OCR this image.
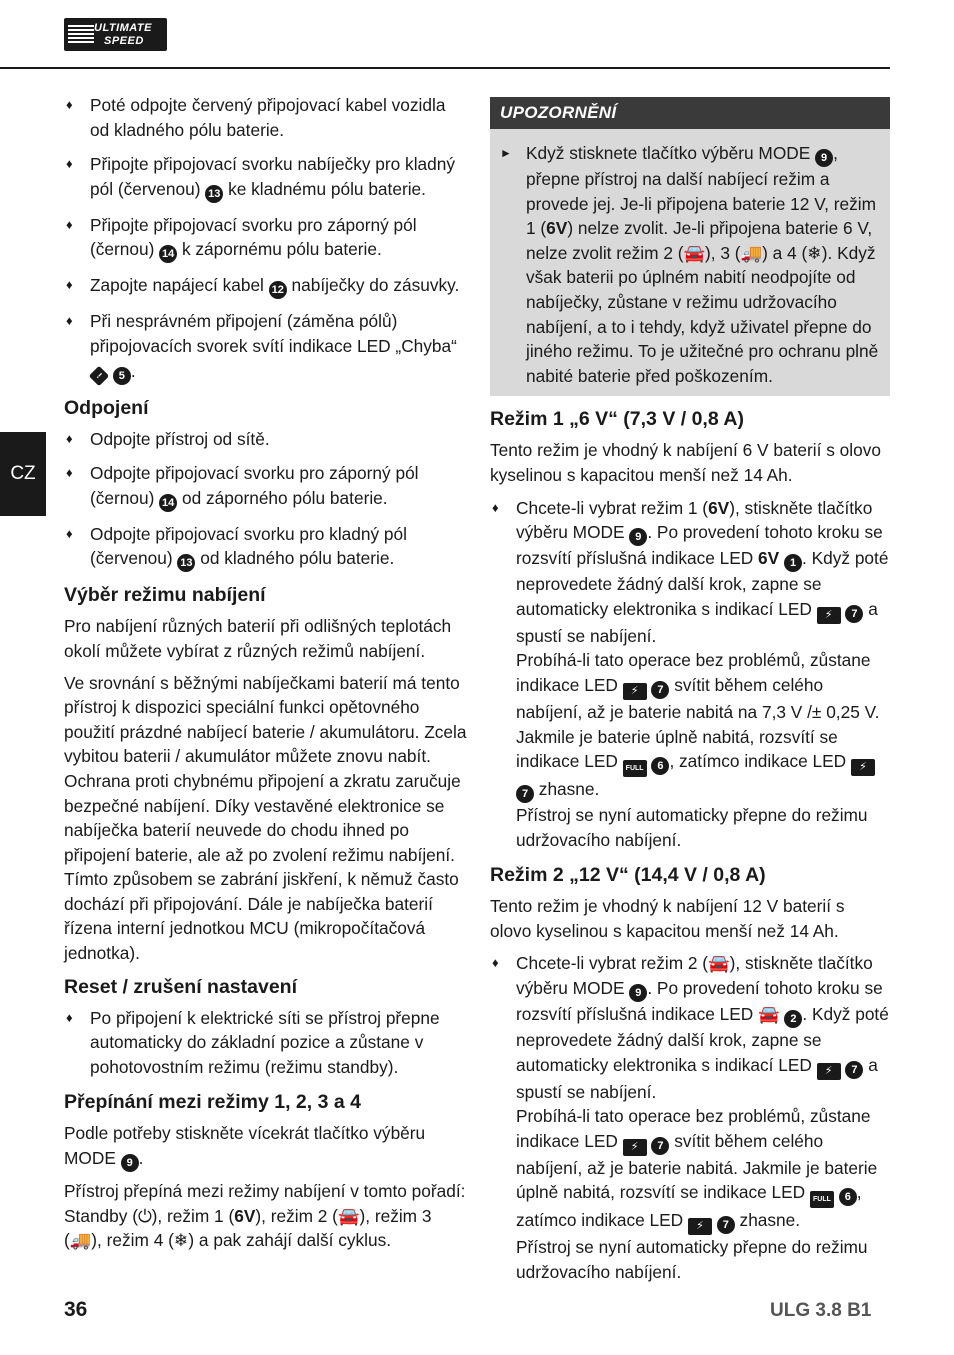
ULTIMATE
SPEED
CZ
♦ Poté odpojte červený připojovací kabel vozidla od kladného pólu baterie.
♦ Připojte připojovací svorku nabíječky pro kladný pól (červenou) 13 ke kladnému pólu baterie.
♦ Připojte připojovací svorku pro záporný pól (černou) 14 k zápornému pólu baterie.
♦ Zapojte napájecí kabel 12 nabíječky do zásuvky.
♦ Při nesprávném připojení (záměna pólů) připojovacích svorek svítí indikace LED „Chyba“ ! 5 .
Odpojení
♦ Odpojte přístroj od sítě.
♦ Odpojte připojovací svorku pro záporný pól (černou) 14 od záporného pólu baterie.
♦ Odpojte připojovací svorku pro kladný pól (červenou) 13 od kladného pólu baterie.
Výběr režimu nabíjení

Pro nabíjení různých baterií při odlišných teplotách okolí můžete vybírat z různých režimů nabíjení.

Ve srovnání s běžnými nabíječkami baterií má tento přístroj k dispozici speciální funkci opětovného použití prázdné nabíjecí baterie / akumulátoru. Zcela vybitou baterii / akumulátor můžete znovu nabít. Ochrana proti chybnému připojení a zkratu zaručuje bezpečné nabíjení. Díky vestavěné elektronice se nabíječka baterií neuvede do chodu ihned po připojení baterie, ale až po zvolení režimu nabíjení. Tímto způsobem se zabrání jiskření, k němuž často dochází při připojování. Dále je nabíječka baterií řízena interní jednotkou MCU (mikropočítačová jednotka).

Reset / zrušení nastavení
♦ Po připojení k elektrické síti se přístroj přepne automaticky do základní pozice a zůstane v pohotovostním režimu (režimu standby).
Přepínání mezi režimy 1, 2, 3 a 4

Podle potřeby stiskněte vícekrát tlačítko výběru MODE 9 .

Přístroj přepíná mezi režimy nabíjení v tomto pořadí: Standby (⏻), režim 1 (6V), režim 2 (🚘), režim 3 (🚚), režim 4 (❄) a pak zahájí další cyklus.

UPOZORNĚNÍ
► Když stisknete tlačítko výběru MODE 9 , přepne přístroj na další nabíjecí režim a provede jej. Je-li připojena baterie 12 V, režim 1 (6V) nelze zvolit. Je-li připojena baterie 6 V, nelze zvolit režim 2 (🚘), 3 (🚚) a 4 (❄). Když však baterii po úplném nabití neodpojíte od nabíječky, zůstane v režimu udržovacího nabíjení, a to i tehdy, když uživatel přepne do jiného režimu. To je užitečné pro ochranu plně nabité baterie před poškozením.
Režim 1 „6 V“ (7,3 V / 0,8 A)

Tento režim je vhodný k nabíjení 6 V baterií s olovo kyselinou s kapacitou menší než 14 Ah.

♦ Chcete-li vybrat režim 1 (6V), stiskněte tlačítko výběru MODE 9 . Po provedení tohoto kroku se rozsvítí příslušná indikace LED 6V 1 . Když poté neprovedete žádný další krok, zapne se automaticky elektronika s indikací LED ⚡ 7 a spustí se nabíjení.
Probíhá-li tato operace bez problémů, zůstane indikace LED ⚡ 7 svítit během celého nabíjení, až je baterie nabitá na 7,3 V /± 0,25 V. Jakmile je baterie úplně nabitá, rozsvítí se indikace LED FULL 6 , zatímco indikace LED ⚡ 7 zhasne.
Přístroj se nyní automaticky přepne do režimu udržovacího nabíjení.
Režim 2 „12 V“ (14,4 V / 0,8 A)

Tento režim je vhodný k nabíjení 12 V baterií s olovo kyselinou s kapacitou menší než 14 Ah.

♦ Chcete-li vybrat režim 2 (🚘), stiskněte tlačítko výběru MODE 9 . Po provedení tohoto kroku se rozsvítí příslušná indikace LED 🚘 2 . Když poté neprovedete žádný další krok, zapne se automaticky elektronika s indikací LED ⚡ 7 a spustí se nabíjení.
Probíhá-li tato operace bez problémů, zůstane indikace LED ⚡ 7 svítit během celého nabíjení, až je baterie nabitá. Jakmile je baterie úplně nabitá, rozsvítí se indikace LED FULL 6 , zatímco indikace LED ⚡ 7 zhasne.
Přístroj se nyní automaticky přepne do režimu udržovacího nabíjení.
36	ULG 3.8 B1
